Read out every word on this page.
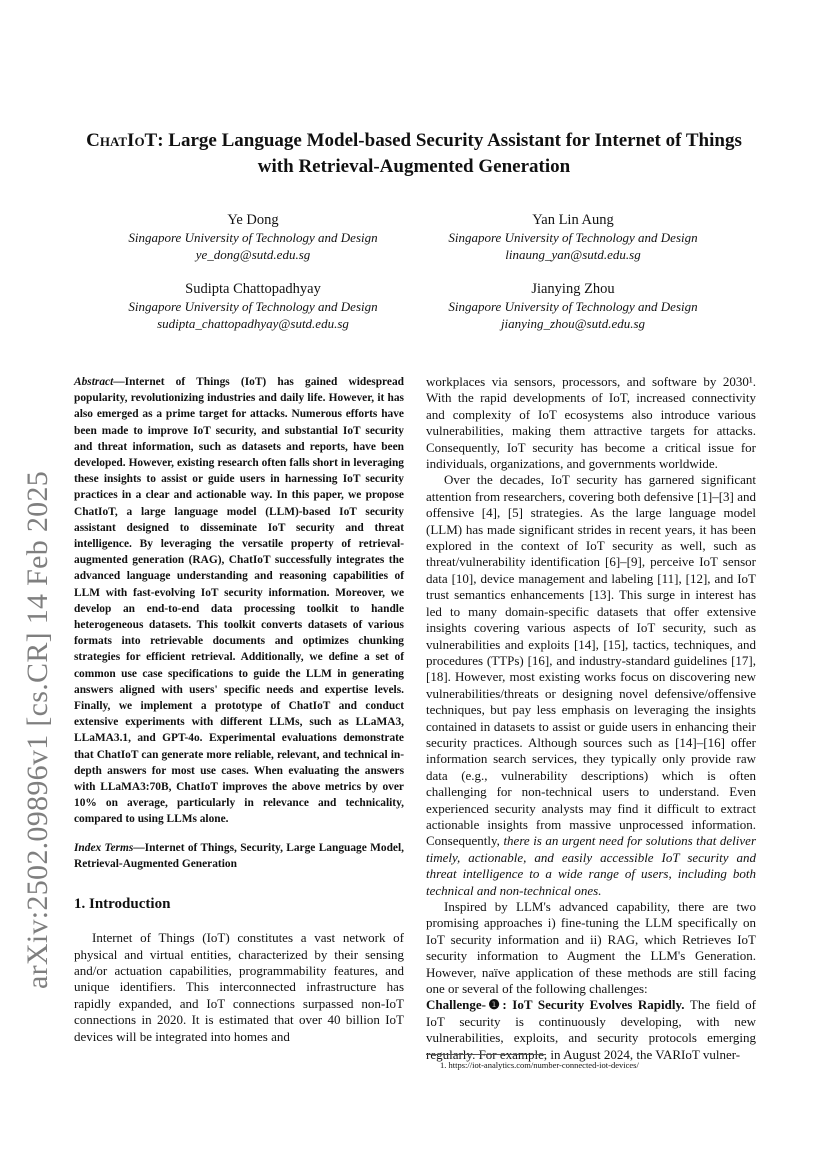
arXiv:2502.09896v1 [cs.CR] 14 Feb 2025
ChatIoT: Large Language Model-based Security Assistant for Internet of Things
with Retrieval-Augmented Generation
Ye Dong
Singapore University of Technology and Design
ye_dong@sutd.edu.sg
Yan Lin Aung
Singapore University of Technology and Design
linaung_yan@sutd.edu.sg
Sudipta Chattopadhyay
Singapore University of Technology and Design
sudipta_chattopadhyay@sutd.edu.sg
Jianying Zhou
Singapore University of Technology and Design
jianying_zhou@sutd.edu.sg

Abstract—Internet of Things (IoT) has gained widespread popularity, revolutionizing industries and daily life. However, it has also emerged as a prime target for attacks. Numerous efforts have been made to improve IoT security, and substantial IoT security and threat information, such as datasets and reports, have been developed. However, existing research often falls short in leveraging these insights to assist or guide users in harnessing IoT security practices in a clear and actionable way. In this paper, we propose ChatIoT, a large language model (LLM)-based IoT security assistant designed to disseminate IoT security and threat intelligence. By leveraging the versatile property of retrieval-augmented generation (RAG), ChatIoT successfully integrates the advanced language understanding and reasoning capabilities of LLM with fast-evolving IoT security information. Moreover, we develop an end-to-end data processing toolkit to handle heterogeneous datasets. This toolkit converts datasets of various formats into retrievable documents and optimizes chunking strategies for efficient retrieval. Additionally, we define a set of common use case specifications to guide the LLM in generating answers aligned with users' specific needs and expertise levels. Finally, we implement a prototype of ChatIoT and conduct extensive experiments with different LLMs, such as LLaMA3, LLaMA3.1, and GPT-4o. Experimental evaluations demonstrate that ChatIoT can generate more reliable, relevant, and technical in-depth answers for most use cases. When evaluating the answers with LLaMA3:70B, ChatIoT improves the above metrics by over 10% on average, particularly in relevance and technicality, compared to using LLMs alone.

Index Terms—Internet of Things, Security, Large Language Model, Retrieval-Augmented Generation

1. Introduction

Internet of Things (IoT) constitutes a vast network of physical and virtual entities, characterized by their sensing and/or actuation capabilities, programmability features, and unique identifiers. This interconnected infrastructure has rapidly expanded, and IoT connections surpassed non-IoT connections in 2020. It is estimated that over 40 billion IoT devices will be integrated into homes and

workplaces via sensors, processors, and software by 2030¹. With the rapid developments of IoT, increased connectivity and complexity of IoT ecosystems also introduce various vulnerabilities, making them attractive targets for attacks. Consequently, IoT security has become a critical issue for individuals, organizations, and governments worldwide.

Over the decades, IoT security has garnered significant attention from researchers, covering both defensive [1]–[3] and offensive [4], [5] strategies. As the large language model (LLM) has made significant strides in recent years, it has been explored in the context of IoT security as well, such as threat/vulnerability identification [6]–[9], perceive IoT sensor data [10], device management and labeling [11], [12], and IoT trust semantics enhancements [13]. This surge in interest has led to many domain-specific datasets that offer extensive insights covering various aspects of IoT security, such as vulnerabilities and exploits [14], [15], tactics, techniques, and procedures (TTPs) [16], and industry-standard guidelines [17], [18]. However, most existing works focus on discovering new vulnerabilities/threats or designing novel defensive/offensive techniques, but pay less emphasis on leveraging the insights contained in datasets to assist or guide users in enhancing their security practices. Although sources such as [14]–[16] offer information search services, they typically only provide raw data (e.g., vulnerability descriptions) which is often challenging for non-technical users to understand. Even experienced security analysts may find it difficult to extract actionable insights from massive unprocessed information. Consequently, there is an urgent need for solutions that deliver timely, actionable, and easily accessible IoT security and threat intelligence to a wide range of users, including both technical and non-technical ones.

Inspired by LLM's advanced capability, there are two promising approaches i) fine-tuning the LLM specifically on IoT security information and ii) RAG, which Retrieves IoT security information to Augment the LLM's Generation. However, naïve application of these methods are still facing one or several of the following challenges:

Challenge-❶: IoT Security Evolves Rapidly. The field of IoT security is continuously developing, with new vulnerabilities, exploits, and security protocols emerging regularly. For example, in August 2024, the VARIoT vulner-

1. https://iot-analytics.com/number-connected-iot-devices/
